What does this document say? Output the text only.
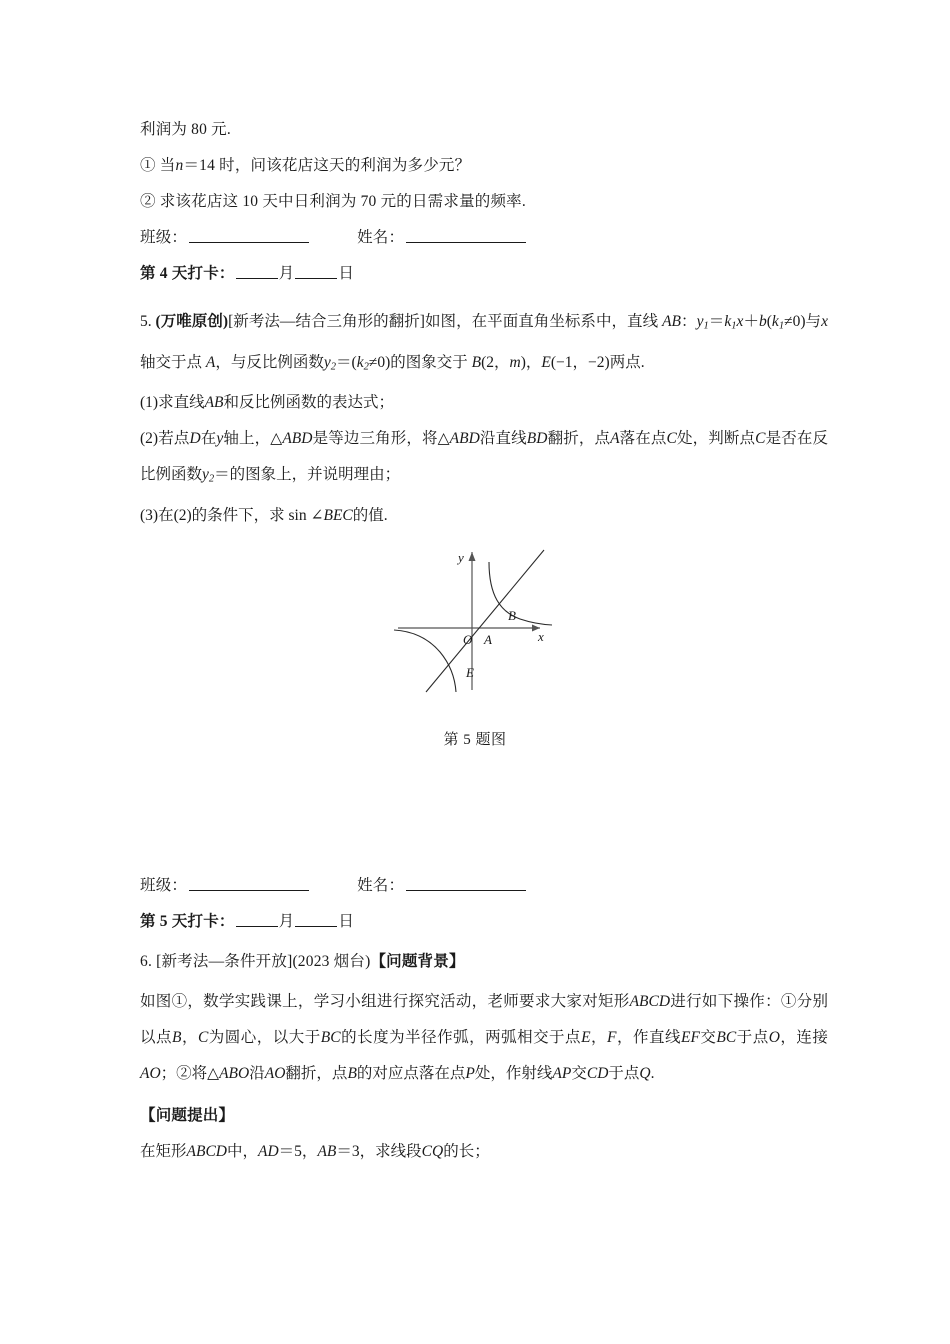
利润为 80 元.
① 当n＝14 时，问该花店这天的利润为多少元？
② 求该花店这 10 天中日利润为 70 元的日需求量的频率.
班级：	姓名：
第 4 天打卡：	月	日
5. (万唯原创)[新考法—结合三角形的翻折]如图，在平面直角坐标系中，直线 AB：$y_1=k_1x+b(k_1\ne 0)$与x轴交于点 A，与反比例函数$y_2=(k_2\ne 0)$的图象交于 B(2，m)，E(−1，−2)两点.
(1)求直线AB和反比例函数的表达式；
(2)若点D在y轴上，△ABD是等边三角形，将△ABD沿直线BD翻折，点A落在点C处，判断点C是否在反比例函数$y_2=$的图象上，并说明理由；
(3)在(2)的条件下，求 sin ∠BEC的值.
O A
B
E
x
y
第 5 题图
班级：	姓名：
第 5 天打卡：	月	日
6. [新考法—条件开放](2023 烟台)【问题背景】
如图①，数学实践课上，学习小组进行探究活动，老师要求大家对矩形ABCD进行如下操作：①分别以点B，C为圆心，以大于BC的长度为半径作弧，两弧相交于点E，F，作直线EF交BC于点O，连接AO；②将△ABO沿AO翻折，点B的对应点落在点P处，作射线AP交CD于点Q.
【问题提出】
在矩形ABCD中，AD＝5，AB＝3，求线段CQ的长；
